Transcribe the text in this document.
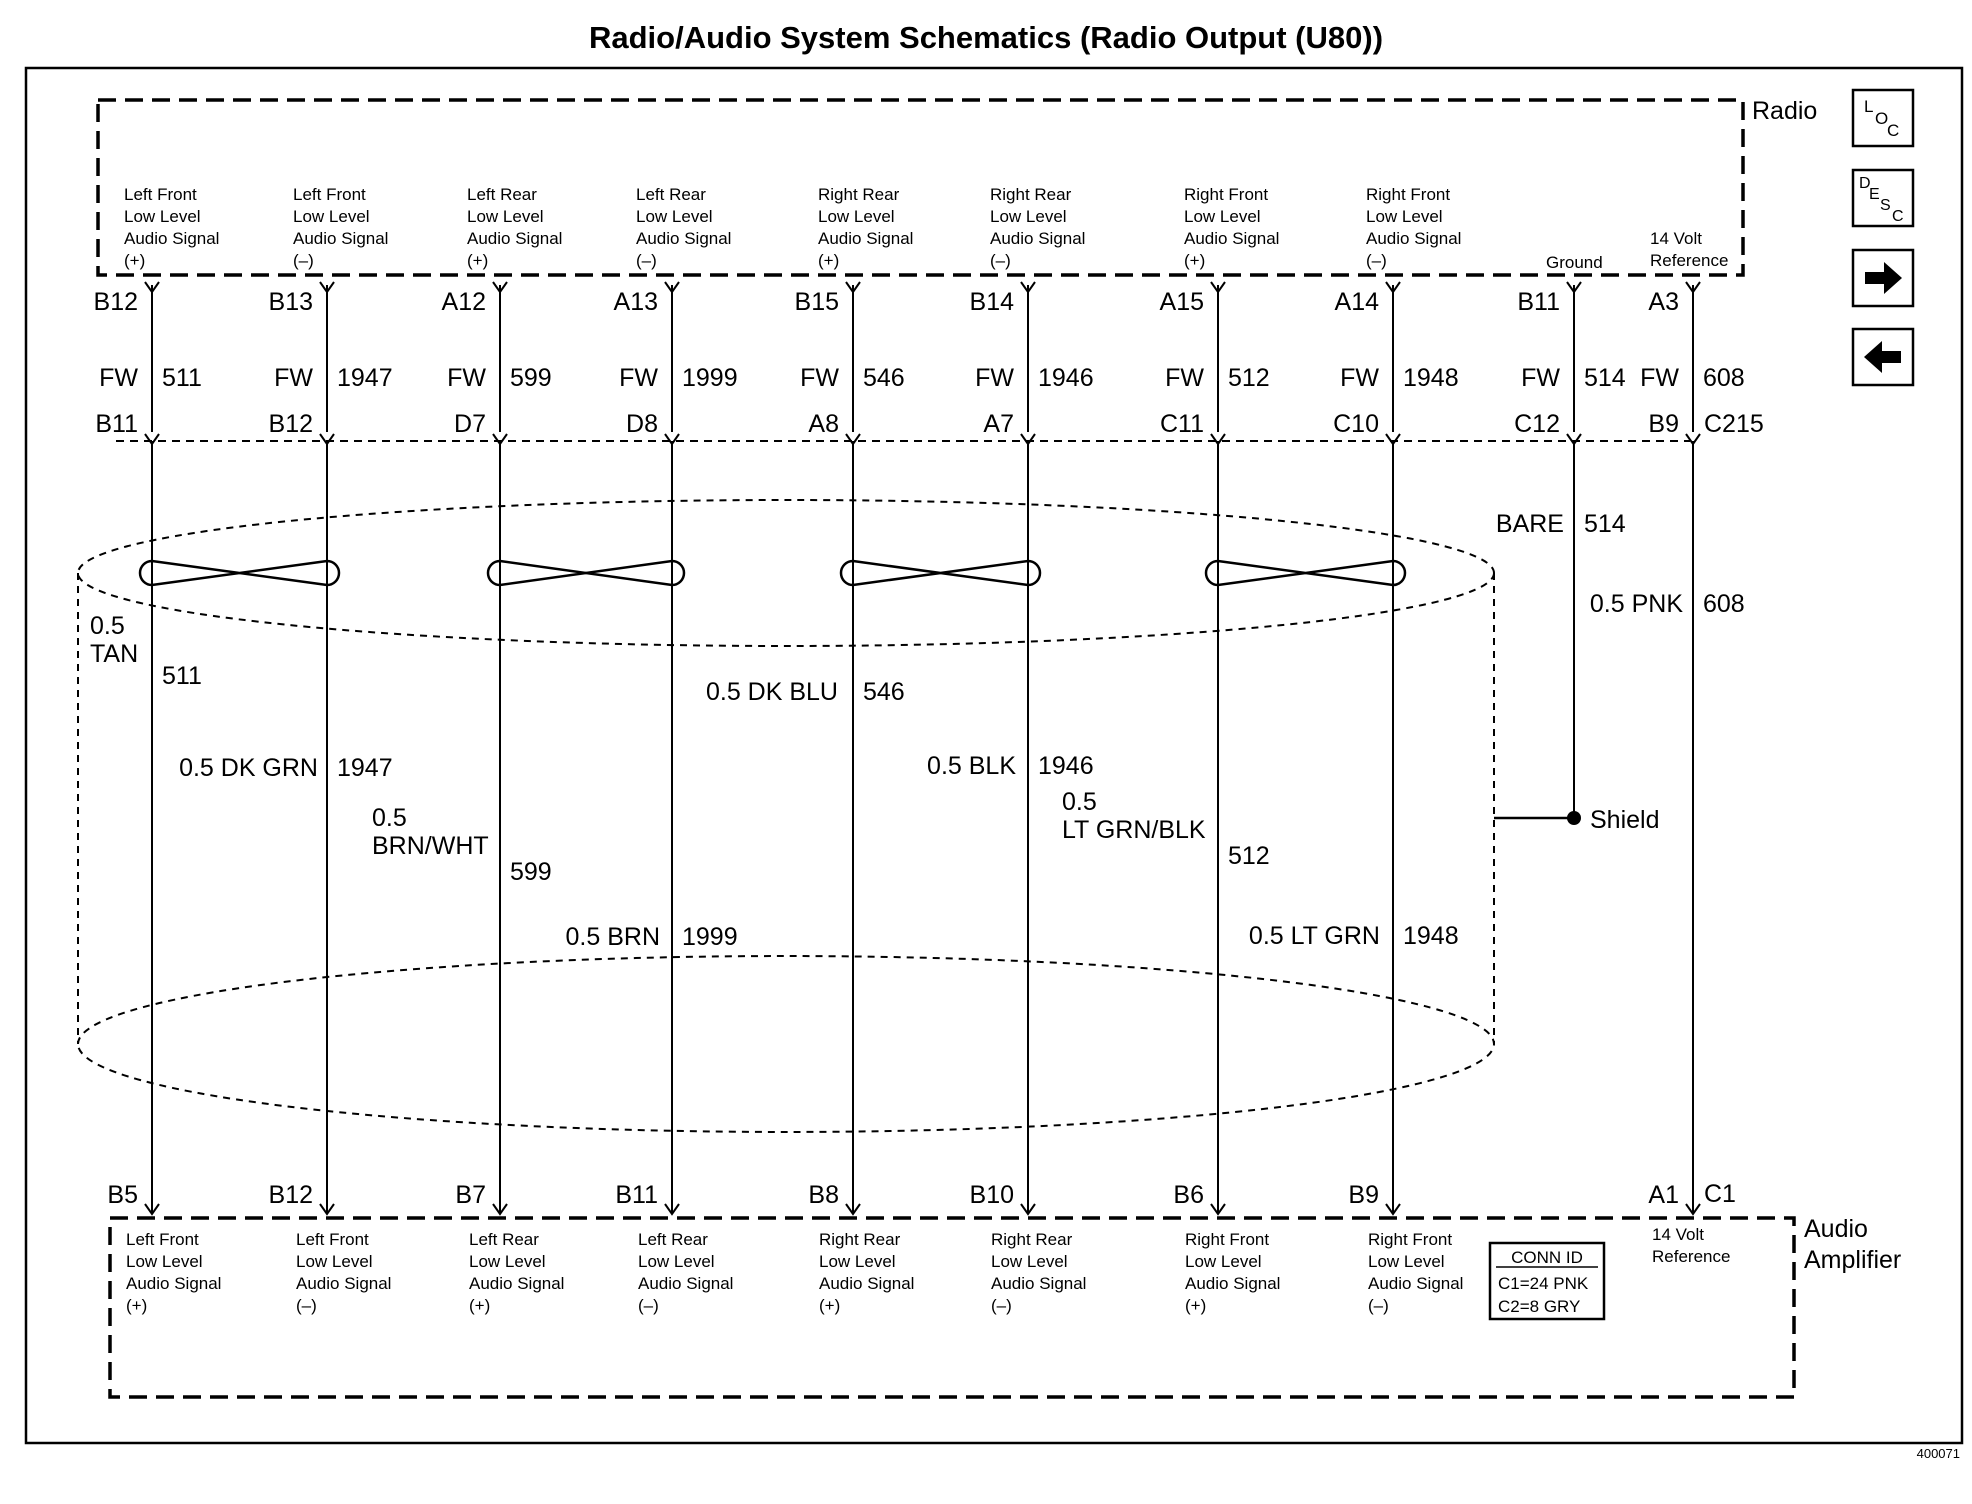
Radio/Audio System Schematics (Radio Output (U80))
Radio
Audio
Amplifier
C215
Shield
B12
FW 511
B11
Left Front
Low Level
Audio Signal
(+)
0.5
TAN
511
B5
Left Front
Low Level
Audio Signal
(+)
B13
FW 1947
B12
Left Front
Low Level
Audio Signal
(–)
0.5 DK GRN 1947
B12
Left Front
Low Level
Audio Signal
(–)
A12
FW 599
D7
Left Rear
Low Level
Audio Signal
(+)
0.5
BRN/WHT
599
B7
Left Rear
Low Level
Audio Signal
(+)
A13
FW 1999
D8
Left Rear
Low Level
Audio Signal
(–)
0.5 BRN 1999
B11
Left Rear
Low Level
Audio Signal
(–)
B15
FW 546
A8
Right Rear
Low Level
Audio Signal
(+)
0.5 DK BLU 546
B8
Right Rear
Low Level
Audio Signal
(+)
B14
FW 1946
A7
Right Rear
Low Level
Audio Signal
(–)
0.5 BLK 1946
B10
Right Rear
Low Level
Audio Signal
(–)
A15
FW 512
C11
Right Front
Low Level
Audio Signal
(+)
0.5
LT GRN/BLK
512
B6
Right Front
Low Level
Audio Signal
(+)
A14
FW 1948
C10
Right Front
Low Level
Audio Signal
(–)
0.5 LT GRN 1948
B9
Right Front
Low Level
Audio Signal
(–)
B11
FW 514
C12
Ground
BARE 514
A3
FW 608
B9
14 Volt
Reference
0.5 PNK 608
A1
14 Volt
Reference
CONN ID
C1=24 PNK
C2=8 GRY
L
O
C
D
E
S
C
C1
400071
